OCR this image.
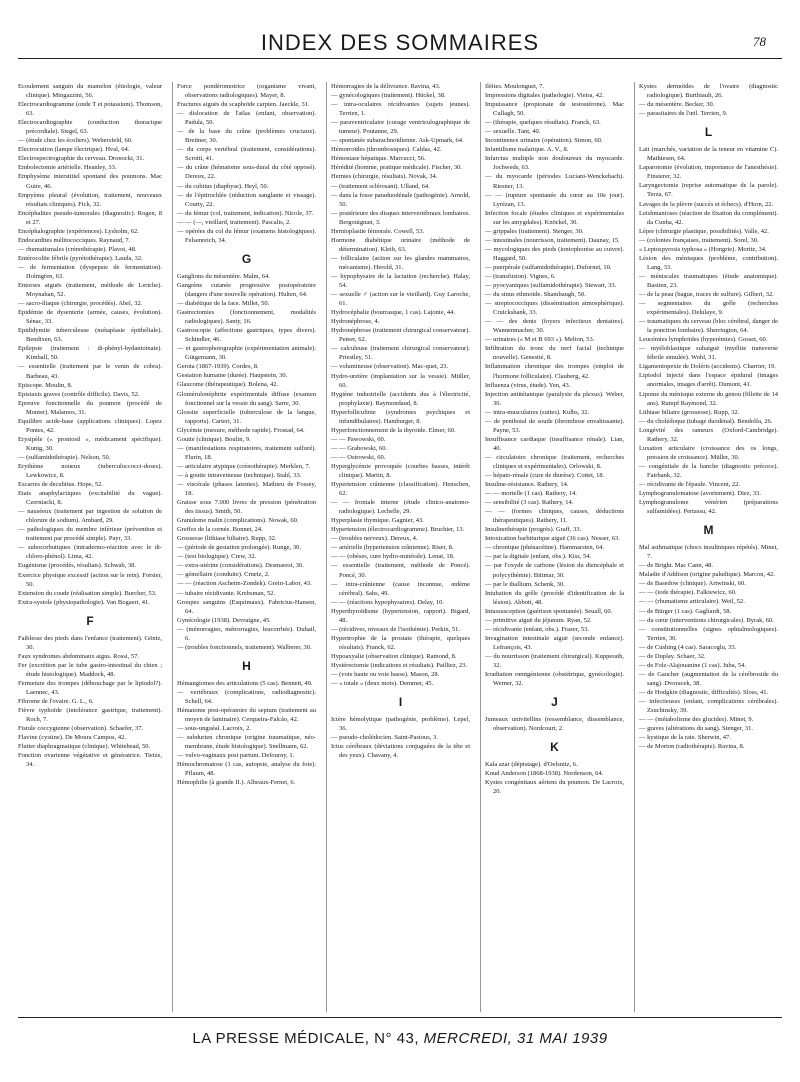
INDEX DES SOMMAIRES	78

Ecoulement sanguin du mamelon (étiologie, valeur clinique). Mingazzini, 56.

Electrocardiogramme (onde T et potassium). Thomson, 63.

Electrocardiographie (conduction thoracique précordiale). Siegel, 63.

— (étude chez les écoliers). Webersfeld, 60.

Electrocution (lampe électrique). Hval, 64.

Electrospectrographie du cerveau. Dronocki, 31.

Embolectomie artérielle. Heanley, 33.

Emphysème interstitiel spontané des poumons. Mac Guire, 46.

Empyème pleural (évolution, traitement, nouveaux résultats cliniques). Fick, 32.

Encéphalites pseudo-tumorales (diagnostic). Rogen, 8 et 27.

Encéphalographie (expériences). Lysholm, 62.

Endocardites mélitococciques. Raynaud, 7.

— rhumatismales (crénothérapie). Plavot, 48.

Entérocolite fébrile (pyrétothérapie). Lauda, 32.

— de fermentation (dyspepsie de fermentation). Holmgren, 63.

Entorses aiguës (traitement, méthode de Leriche). Moynahan, 52.

— sacro-iliaque (chirurgie, procédés). Abel, 32.

Epidémie de dysenterie (armée, causes, évolution). Sénac, 33.

Epididymite tuberculeuse (métaplasie épithéliale). Bendixen, 63.

Epilepsie (traitement : di-phényl-hydantoïnate). Kimball, 50.

— essentielle (traitement par le venin de cobra). Barbeau, 43.

Episcope. Moulin, 8.

Epistaxis graves (contrôle difficile). Davis, 52.

Epreuve fonctionnelle du poumon (procédé de Monter). Malamos, 31.

Equilibre acide-base (applications cliniques). Lopez Pontes, 42.

Erysipèle (« prontosil », médicament spécifique). Kunig, 30.

— (sulfamidothérapie). Nelson, 50.

Erythème noueux (tuberculoccocci-doses). Lewkowicz, 8.

Escarres de decubitus. Hope, 52.

Etats anaphylactiques (excitabilité du vague). Czerniacki, 8.

— nauséeux (traitement par ingestion de solution de chlorure de sodium). Ambard, 29.

— pathologiques du membre inférieur (prévention et traitement par procédé simple). Payr, 33.

— subocorbutiques (intradermo-réaction avec le di-chloro-phénol). Lima, 42.

Eugénisme (procédés, résultats). Schwab, 38.

Exercice physique excessif (action sur le rein). Forster, 50.

Extension du coude (réalisation simple). Burcher, 53.

Extra-systole (physiopathologie). Van Bogaert, 41.

F

Faiblesse des pieds dans l'enfance (traitement). Göntz, 30.

Faux syndromes abdominaux aigus. Rossi, 57.

Fer (excrétion par le tube gastro-intestinal du chien ; étude histologique). Maddock, 48.

Fermeture des trompes (débouchage par le lipiodol?). Laennec, 43.

Fibrome de l'ovaire. G. L., 6.

Fièvre typhoïde (intolérance gastrique, traitement). Roch, 7.

Fistule coccygienne (observation). Schaefer, 37.

Flavine (cystine). De Moura Campos, 42.

Flutter diaphragmatique (clinique). Whitehead, 50.

Fonction ovarienne végétative et génératrice. Tietze, 34.

Force pondéromotrice (organisme vivant, observations radiologiques). Mayer, 8.

Fractures aiguës du scaphoïde carpien. Jaeckle, 31.

— dislocation de l'atlas (enfant, observation). Padula, 50.

— de la base du crâne (problèmes cruciaux). Breitner, 30.

— du corps vertébral (traitement, considérations). Scrotti, 41.

— du crâne (hématome sous-dural du côté opposé). Dereux, 22.

— du cubitus (diaphyse). Heyl, 50.

— de l'épitrochlée (réduction sanglante et vissage). Courty, 22.

— du fémur (col, traitement, indication). Nicole, 37.

— — (—, vieillard, traitement). Pascalis, 2.

— opérées du col du fémur (examens histologiques). Felsenreich, 34.

G

Ganglions du mésentère. Malm, 64.

Gangrène cutanée progressive postopératoire (dangers d'une nouvelle opération). Hulten, 64.

— diabétique de la face. Millet, 50.

Gastrectomies (fonctionnement, modalités radiologiques). Santy, 16.

Gastroscopie (affections gastriques, types divers). Schindler, 46.

— et gastrophotographie (expérimentation animale). Gütgemann, 30.

Gerota (1867-1939). Cordes, 8.

Gestation humaine (durée). Haupstein, 30.

Glaucome (thérapeutique). Bolena, 42.

Glomérulonéphrite expérimentale diffuse (examen fonctionnel sur la vessie du sang). Sarre, 30.

Glossite superficielle (tuberculose de la langue, rapports). Carteri, 31.

Glycémie (mesure, méthode rapide). Frostad, 64.

Goutte (clinique). Boulin, 9.

— (manifestations respiratoires, traitement sulfuré). Flurin, 18.

— articulaire atypique (crénothérapie). Merklen, 7.

— à goutte intraveineuse (technique). Stahl, 33.

— viscérale (phases latentes). Mathieu de Fossey, 18.

Graisse sous 7.000 livres de pression (pénétration des tissus). Smith, 50.

Granulome malin (complications). Nowak, 60.

Greffes de la cornée. Bonnet, 24.

Grossesse (lithiase biliaire). Rupp, 32.

— (période de gestation prolongée). Runge, 30.

— (test biologique). Crew, 32.

— extra-utérine (considérations). Desmarest, 30.

— gémellaire (conduite). Crnetz, 2.

— — (réaction Ascheim-Zondek). Grein-Labor, 43.

— tubaire récidivante. Krebsman, 52.

Groupes sanguins (Esquimaux). Fabricius-Hansen, 64.

Gynécologie (1938). Devraigne, 45.

— (ménorragies, métrorragies, leucorrhée). Duhail, 6.

— (troubles fonctionnels, traitement). Walberer, 30.

H

Hémangiomes des articulations (5 cas). Bennett, 49.

— vertébraux (complications, radiodiagnostic). Schell, 64.

Hématome post-opératoire du septum (traitement au moyen de laminaire). Cerqueira-Falcão, 42.

— sous-unguéal. Lacroix, 2.

— subdurien chronique (origine traumatique, néo-membrane, étude histologique). Snellmann, 62.

— vulvo-vaginaux post partum. Defourny, 1.

Hémochromatose (1 cas, autopsie, analyse du foie). Pflaum, 48.

Hémophilie (à grande II.). Albeaux-Fernet, 6.

Hémorragies de la délivrance. Ravina, 43.

— gynécologiques (traitement). Hückel, 38.

— intra-oculaires récidivantes (sujets jeunes). Terrien, 1.

— paraventriculaire (curage ventriculographique de tumeur). Poutanne, 29.

— spontanée subarachnoïdienne. Ask-Upmark, 64.

Hémorroïdes (thrombosiques). Caldas, 42.

Hémostase hépatique. Marcucci, 56.

Hérédité (homme, pratique médicale). Fischer, 30.

Hernies (chirurgie, résultats). Novak, 34.

— (traitement sclérosant). Ulland, 64.

— dans la fosse paraduodénale (pathogénie). Arnold, 50.

— postérieure des disques intervertébraux lombaires. Bergouignan, 3.

Hernioplastie fémorale. Cowell, 53.

Hormone diabétique urinaire (méthode de détermination). Kleib, 63.

— folliculaire (action sur les glandes mammaires, mécanisme). Herold, 31.

— hypophysaire de la lactation (recherche). Halay, 54.

— sexuelle ♂ (action sur le vieillard). Guy Laroche, 61.

Hydrocéphalie (bourrasque, 1 cas). Lajonie, 44.

Hydronéphrose, 4.

Hydronéphrose (traitement chirurgical conservateur). Peteer, 62.

— calculeuse (traitement chirurgical conservateur). Priestley, 51.

— volumineuse (observation). Mac-quet, 23.

Hydro-uretère (implantation sur la vessie). Müller, 60.

Hygiène industrielle (accidents dus à l'électricité, prophylaxie). Raymondaud, 8.

Hyperfolliculinie (syndromes psychiques et infundibulaires). Hamburger, 8.

Hyperfonctionnement de la thyroïde. Elmer, 60.

— — Pawowski, 60.

— — Grabowski, 60.

— — Ostrowski, 60.

Hyperglycémie provoquée (courbes basses, intérêt clinique). Martin, 8.

Hypertension crânienne (classification). Henschen, 62.

— — frontale interne (étude clinico-anatomo-radiologique). Lechelle, 29.

Hyperplasie thymique. Gagnier, 43.

Hypertension (électrocardiogramme). Bruchier, 13.

— (troubles nerveux). Dereux, 4.

— artérielle (hypertension crânienne). Riser, 8.

— — (obèses, cure hydro-minérale). Lenat, 18.

— essentielle (traitement, méthode de Poncé). Poncé, 30.

— intra-crânienne (cause inconnue, œdème cérébral). Sahs, 49.

— — (réactions hypophysaires). Delay, 10.

Hyperthyroïdisme (hypertension, rapport). Bigard, 48.

— (récidives, niveaux de l'isothémie). Perkin, 51.

Hypertrophie de la prostate (thérapie, quelques résultats). Franck, 62.

Hypoaxyalie (observation clinique). Ramond, 8.

Hystérectomie (indications et résultats). Pailliez, 23.

— (voie haute ou voie basse). Mason, 28.

— « totale » (deux mots). Demmer, 45.

I

Ictère hémolytique (pathogénie, problème). Lepel, 36.

— pseudo-cholédocien. Saint-Pastous, 3.

Ictus cérébraux (déviations conjuguées de la tête et des yeux). Chavany, 4.

Iléites. Moulonguet, 7.

Impressions digitales (pathologie). Vieira, 42.

Impuissance (propionate de testostérone). Mac Cullagh, 50.

— (thérapie, quelques résultats). Franck, 63.

— sexuelle. Tant, 40.

Incontinence urinaire (opération). Simon, 60.

Infantilisme malarique. A. V., 8.

Infarctus multiple non douloureux du myocarde. Jochweds, 63.

— du myocarde (périodes Luciani-Wenckebach). Riesner, 13.

— — (rupture spontanée du cœur au 10e jour). Lyrézan, 13.

Infection focale (études cliniques et expérimentales sur les amygdales). Knöckel, 30.

— grippales (traitement). Stenger, 30.

— intestinales (nourrisson, traitement). Daunay, 15.

— mycologiques des pieds (iontophorèse au cuivre). Haggard, 50.

— puerpérale (sulfamidothérapie). Dufornet, 10.

— (transfusion). Vignes, 6.

— pyocyaniques (sulfamidothérapie). Stewart, 33.

— du sinus ethmoïde. Shambaugh, 50.

— streptococciques (dissémination atmosphérique). Cruickshank, 33.

— — des dents (foyers infectieux dentaires). Wannenmacher, 30.

— urinaires (« M et B 693 »). Melton, 53.

Infiltration du tronc du nerf facial (technique nouvelle). Genestié, 8.

Inflammation chronique des trompes (emploi de l'hormone folliculaire). Clauberg, 42.

Influenza (virus, étude). Yen, 43.

Injection antitétanique (paralysie du plexus). Weber, 30.

— intra-musculaires (suites). Kulbs, 32.

— de penthotal de soude (thrombose envahissante). Payne, 53.

Insuffisance cardiaque (insuffisance rénale). Lian, 40.

— circulatoire chronique (traitement, recherches cliniques et expérimentales). Orlowski, 8.

— hépato-rénale (cure de diurèse). Cottet, 18.

Insuline-résistance. Rathery, 14.

— — mortelle (1 cas). Rathery, 14.

— sensibilité (3 cas). Rathery, 14.

— — (formes cliniques, causes, déductions thérapeutiques). Rathery, 11.

Insulinothérapie (progrès). Graff, 33.

Intoxication barbiturique aiguë (36 cas). Nesser, 63.

— chronique (phénacétine). Hammarsten, 64.

— par la digitale (enfant, obs.). Kiss, 54.

— par l'oxyde de carbone (lésion du diencéphale et polycythémie). Bittmar, 30.

— par le thallium. Schenk, 30.

Intubation du grêle (procédé d'identification de la lésion). Abbott, 48.

Intussusception (guérison spontanée). Seuall, 60.

— primitive aiguë du jéjunum. Ryan, 52.

— récidivante (enfant, obs.). Frazer, 53.

Invagination intestinale aiguë (seconde enfance). Lefrançois, 43.

— du nourrisson (traitement chirurgical). Kupperath, 32.

Irradiation rœntgénienne (obstétrique, gynécologie). Werner, 32.

J

Jumeaux univitellins (ressemblance, dissemblance, observation). Nordcourt, 2.

K

Kala azar (dépistage). d'Oelsnitz, 6.

Knud Anderson (1868-1938). Nordenson, 64.

Kystes congénitaux aériens du poumon. De Lacroix, 20.

Kystes dermoïdes de l'ovaire (diagnostic radiologique). Burthiault, 26.

— du mésentère. Becker, 30.

— parasitaires de l'œil. Terrien, 9.

L

Lait (marchés, variation de la teneur en vitamine C). Mathiesen, 64.

Laparotomie (évolution, importance de l'anesthésie). Finsterer, 32.

Laryngectomie (reprise automatique de la parole). Terza, 67.

Lavages de la plèvre (succès et échecs). d'Horn, 22.

Leishmanioses (réaction de fixation du complément). da Cunha, 42.

Lèpre (chirurgie plastique, possibilités). Valle, 42.

— (colonies françaises, traitement). Sorel, 30.

« Leptospyrosis typhosa » (Hongrie). Moritz, 34.

Lésion des ménisques (problème, contribution). Lang, 33.

— méniscales traumatiques (étude anatomique). Bastien, 23.

— de la peau (bague, traces de sulfure). Gilbert, 32.

— segmentaires du grêle (recherches expérimentales). Delulaye, 9.

— traumatiques du cerveau (bloc cérébral, danger de la ponction lombaire). Sherrington, 64.

Leucémies lymphoïdes (hyperémies). Gosset, 60.

— myéloblastique subaiguë (myélite transverse fébrile simulée). Wohl, 31.

Ligamentopexie de Doléris (accidents). Charrier, 19.

Lipiodol injecté dans l'espace épidural (images anormales, images d'arrêt). Dumont, 41.

Lipome du ménisque externe du genou (fillette de 14 ans). Rumpf Raymond, 32.

Lithiase biliaire (grossesse). Rupp, 32.

— du cholédoque (tubage duodénal). Bendolfa, 26.

Longévité des rameurs (Oxford-Cambridge). Rathery, 32.

Luxation articulaire (croissance des os longs, pression de croissance). Müller, 30.

— congénitale de la hanche (diagnostic précoce). Fairbank, 32.

— récidivante de l'épaule. Vincent, 22.

Lymphogranulomatose (avortement). Diez, 33.

Lymphogranulome vénérien (préparations sulfamidées). Pertassu, 42.

M

Mal asthmatique (chocs insuliniques répétés). Minet, 7.

— de Bright. Mac Cann, 48.

Maladie d'Addison (origine paludique). Marcon, 42.

— de Basedow (clinique). Artwinski, 60.

— — (iode thérapie). Falkiewicz, 60.

— — (rhumatisme articulaire). Weil, 52.

— de Bürger (1 cas). Gagliardi, 58.

— du cœur (interventions chirurgicales). Byrak, 60.

— constitutionnelles (signes ophtalmologiques). Terrien, 30.

— de Cushing (4 cas). Saracoglu, 33.

— de Duplay. Schaer, 32.

— de Folz-Alajouanine (1 cas). Juba, 54.

— de Gaucher (augmentation de la cérébroside du sang). Dvoracek, 38.

— de Hodgkin (diagnostic, difficultés). Sloss, 41.

— infectieuses (enfant, complications cérébrales). Zsuchinsky, 39.

— — (métabolisme des glucides). Minet, 9.

— graves (altérations du sang). Stenger, 31.

— kystique de la rate. Sherwin, 47.

— de Morton (radiothérapie). Ravina, 8.

LA PRESSE MÉDICALE, N° 43, MERCREDI, 31 MAI 1939
